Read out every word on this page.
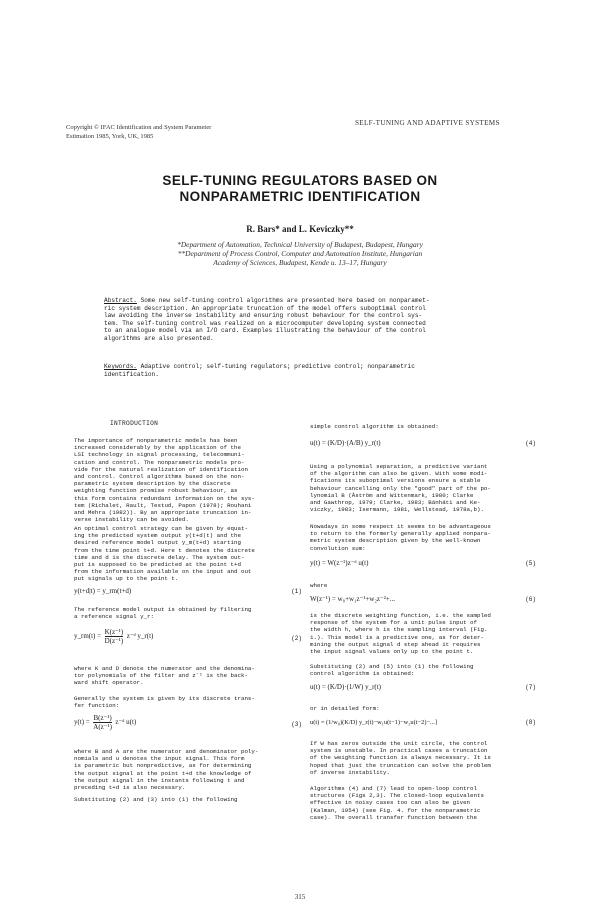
Copyright © IFAC Identification and System Parameter
Estimation 1985, York, UK, 1985
SELF-TUNING AND ADAPTIVE SYSTEMS
SELF-TUNING REGULATORS BASED ON
NONPARAMETRIC IDENTIFICATION
R. Bars* and L. Keviczky**
*Department of Automation, Technical University of Budapest, Budapest, Hungary
**Department of Process Control, Computer and Automation Institute, Hungarian
Academy of Sciences, Budapest, Kende u. 13–17, Hungary
Abstract. Some new self-tuning control algorithms are presented here based on nonparamet-
ric system description. An appropriate truncation of the model offers suboptimal control
law avoiding the inverse instability and ensuring robust behaviour for the control sys-
tem. The self-tuning control was realized on a microcomputer developing system connected
to an analogue model via an I/O card. Examples illustrating the behaviour of the control
algorithms are also presented.
Keywords. Adaptive control; self-tuning regulators; predictive control; nonparametric
identification.
INTRODUCTION
The importance of nonparametric models has been
increased considerably by the application of the
LSI technology in signal processing, telecommuni-
cation and control. The nonparametric models pro-
vide for the natural realization of identification
and control. Control algorithms based on the non-
parametric system description by the discrete
weighting function promise robust behaviour, as
this form contains redundant information on the sys-
tem (Richalet, Rault, Testud, Papon (1978); Rouhani
and Mehra (1982)). By an appropriate truncation in-
verse instability can be avoided.
An optimal control strategy can be given by equat-
ing the predicted system output y(t+d|t) and the
desired reference model output y_m(t+d) starting
from the time point t+d. Here t denotes the discrete
time and d is the discrete delay. The system out-
put is supposed to be predicted at the point t+d
from the information available on the input and out
put signals up to the point t.
y(t+d|t) = y_rm(t+d)	(1)
The reference model output is obtained by filtering
a reference signal y_r:
y_rm(t) = $\frac{\text{K(z⁻¹)}}{\text{D(z⁻¹)}}$ z⁻ᵈ y_r(t)	(2)
where K and D denote the numerator and the denomina-
tor polynomials of the filter and z⁻¹ is the back-
ward shift operator.
Generally the system is given by its discrete trans-
fer function:
$y(t) = \frac{\text{B(z⁻¹)}}{\text{A(z⁻¹)}}$ z⁻ᵈ u(t)	(3)
where B and A are the numerator and denominator poly-
nomials and u denotes the input signal. This form
is parametric but nonpredictive, as for determining
the output signal at the point t+d the knowledge of
the output signal in the instants following t and
preceding t+d is also necessary.
Substituting (2) and (3) into (1) the following
simple control algorithm is obtained:
u(t) = (K/D)·(A/B) y_r(t)	(4)
Using a polynomial separation, a predictive variant
of the algorithm can also be given. With some modi-
fications its suboptimal versions ensure a stable
behaviour cancelling only the "good" part of the po-
lynomial B (Åström and Wittenmark, 1980; Clarke
and Gawthrop, 1979; Clarke, 1983; Bánháti and Ke-
viczky, 1983; Isermann, 1981, Wellstead, 1978a,b).
Nowadays in some respect it seems to be advantageous
to return to the formerly generally applied nonpara-
metric system description given by the well-known
convolution sum:
y(t) = W(z⁻¹)z⁻ᵈ u(t)	(5)
where
W(z⁻¹) = w₀+w₁z⁻¹+w₂z⁻²+...	(6)
is the discrete weighting function, i.e. the sampled
response of the system for a unit pulse input of
the width h, where h is the sampling interval (Fig.
1.). This model is a predictive one, as for deter-
mining the output signal d step ahead it requires
the input signal values only up to the point t.
Substituting (2) and (5) into (1) the following
control algorithm is obtained:
u(t) = (K/D)·(1/W) y_r(t)	(7)
or in detailed form:
u(t) = (1/w₀)(K/D) y_r(t)−w₁u(t−1)−w₂u(t−2)−...]	(8)
If W has zeros outside the unit circle, the control
system is unstable. In practical cases a truncation
of the weighting function is always necessary. It is
hoped that just the truncation can solve the problem
of inverse instability.
Algorithms (4) and (7) lead to open-loop control
structures (Figs 2,3). The closed-loop equivalents
effective in noisy cases too can also be given
(Kalman, 1954) (see Fig. 4. for the nonparametric
case). The overall transfer function between the
315
